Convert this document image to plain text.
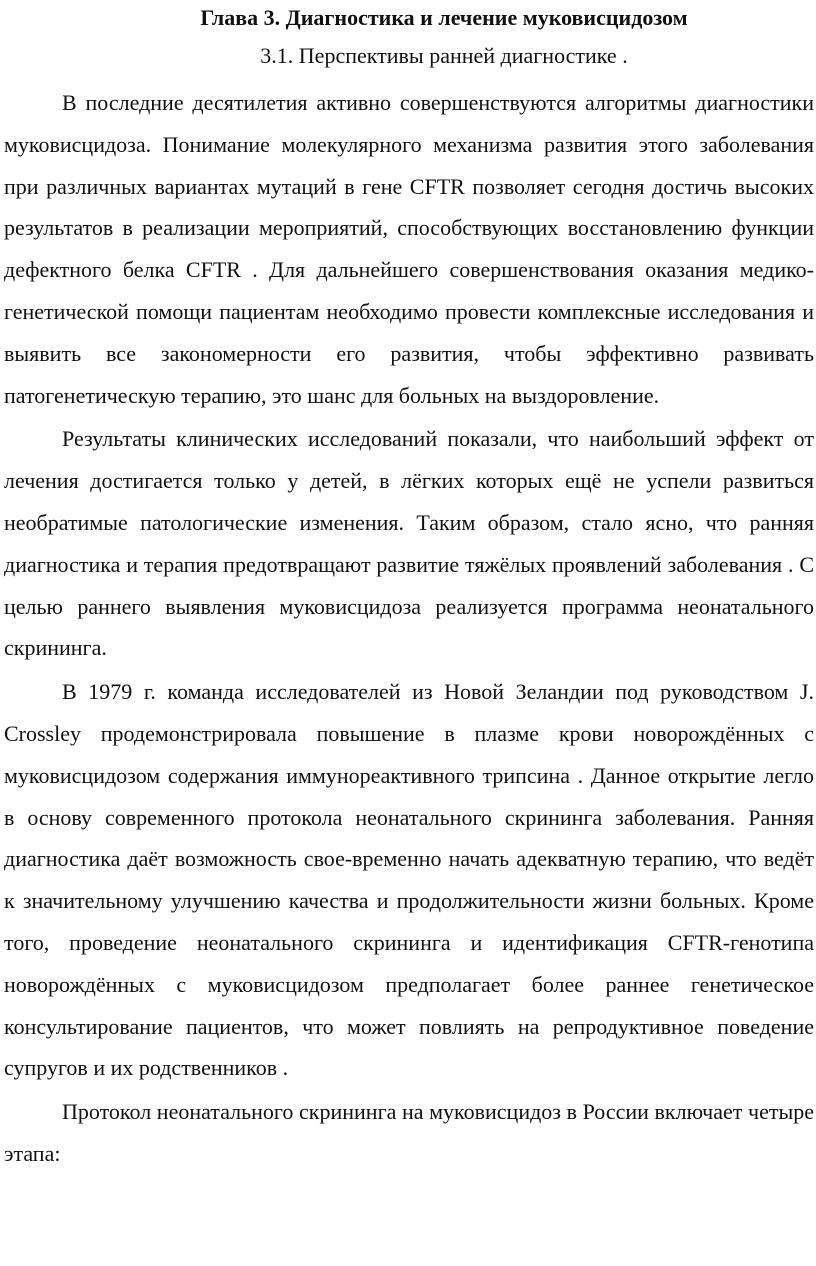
Глава 3. Диагностика и лечение муковисцидозом
3.1. Перспективы ранней диагностике .

В последние десятилетия активно совершенствуются алгоритмы диагностики муковисцидоза. Понимание молекулярного механизма развития этого заболевания при различных вариантах мутаций в гене CFTR позволяет сегодня достичь высоких результатов в реализации мероприятий, способствующих восстановлению функции дефектного белка CFTR . Для дальнейшего совершенствования оказания медико-генетической помощи пациентам необходимо провести комплексные исследования и выявить все закономерности его развития, чтобы эффективно развивать патогенетическую терапию, это шанс для больных на выздоровление.

Результаты клинических исследований показали, что наибольший эффект от лечения достигается только у детей, в лёгких которых ещё не успели развиться необратимые патологические изменения. Таким образом, стало ясно, что ранняя диагностика и терапия предотвращают развитие тяжёлых проявлений заболевания . С целью раннего выявления муковисцидоза реализуется программа неонатального скрининга.

В 1979 г. команда исследователей из Новой Зеландии под руководством J. Crossley продемонстрировала повышение в плазме крови новорождённых с муковисцидозом содержания иммунореактивного трипсина . Данное открытие легло в основу современного протокола неонатального скрининга заболевания. Ранняя диагностика даёт возможность свое-временно начать адекватную терапию, что ведёт к значительному улучшению качества и продолжительности жизни больных. Кроме того, проведение неонатального скрининга и идентификация CFTR-генотипа новорождённых с муковисцидозом предполагает более раннее генетическое консультирование пациентов, что может повлиять на репродуктивное поведение супругов и их родственников .

Протокол неонатального скрининга на муковисцидоз в России включает четыре этапа:
